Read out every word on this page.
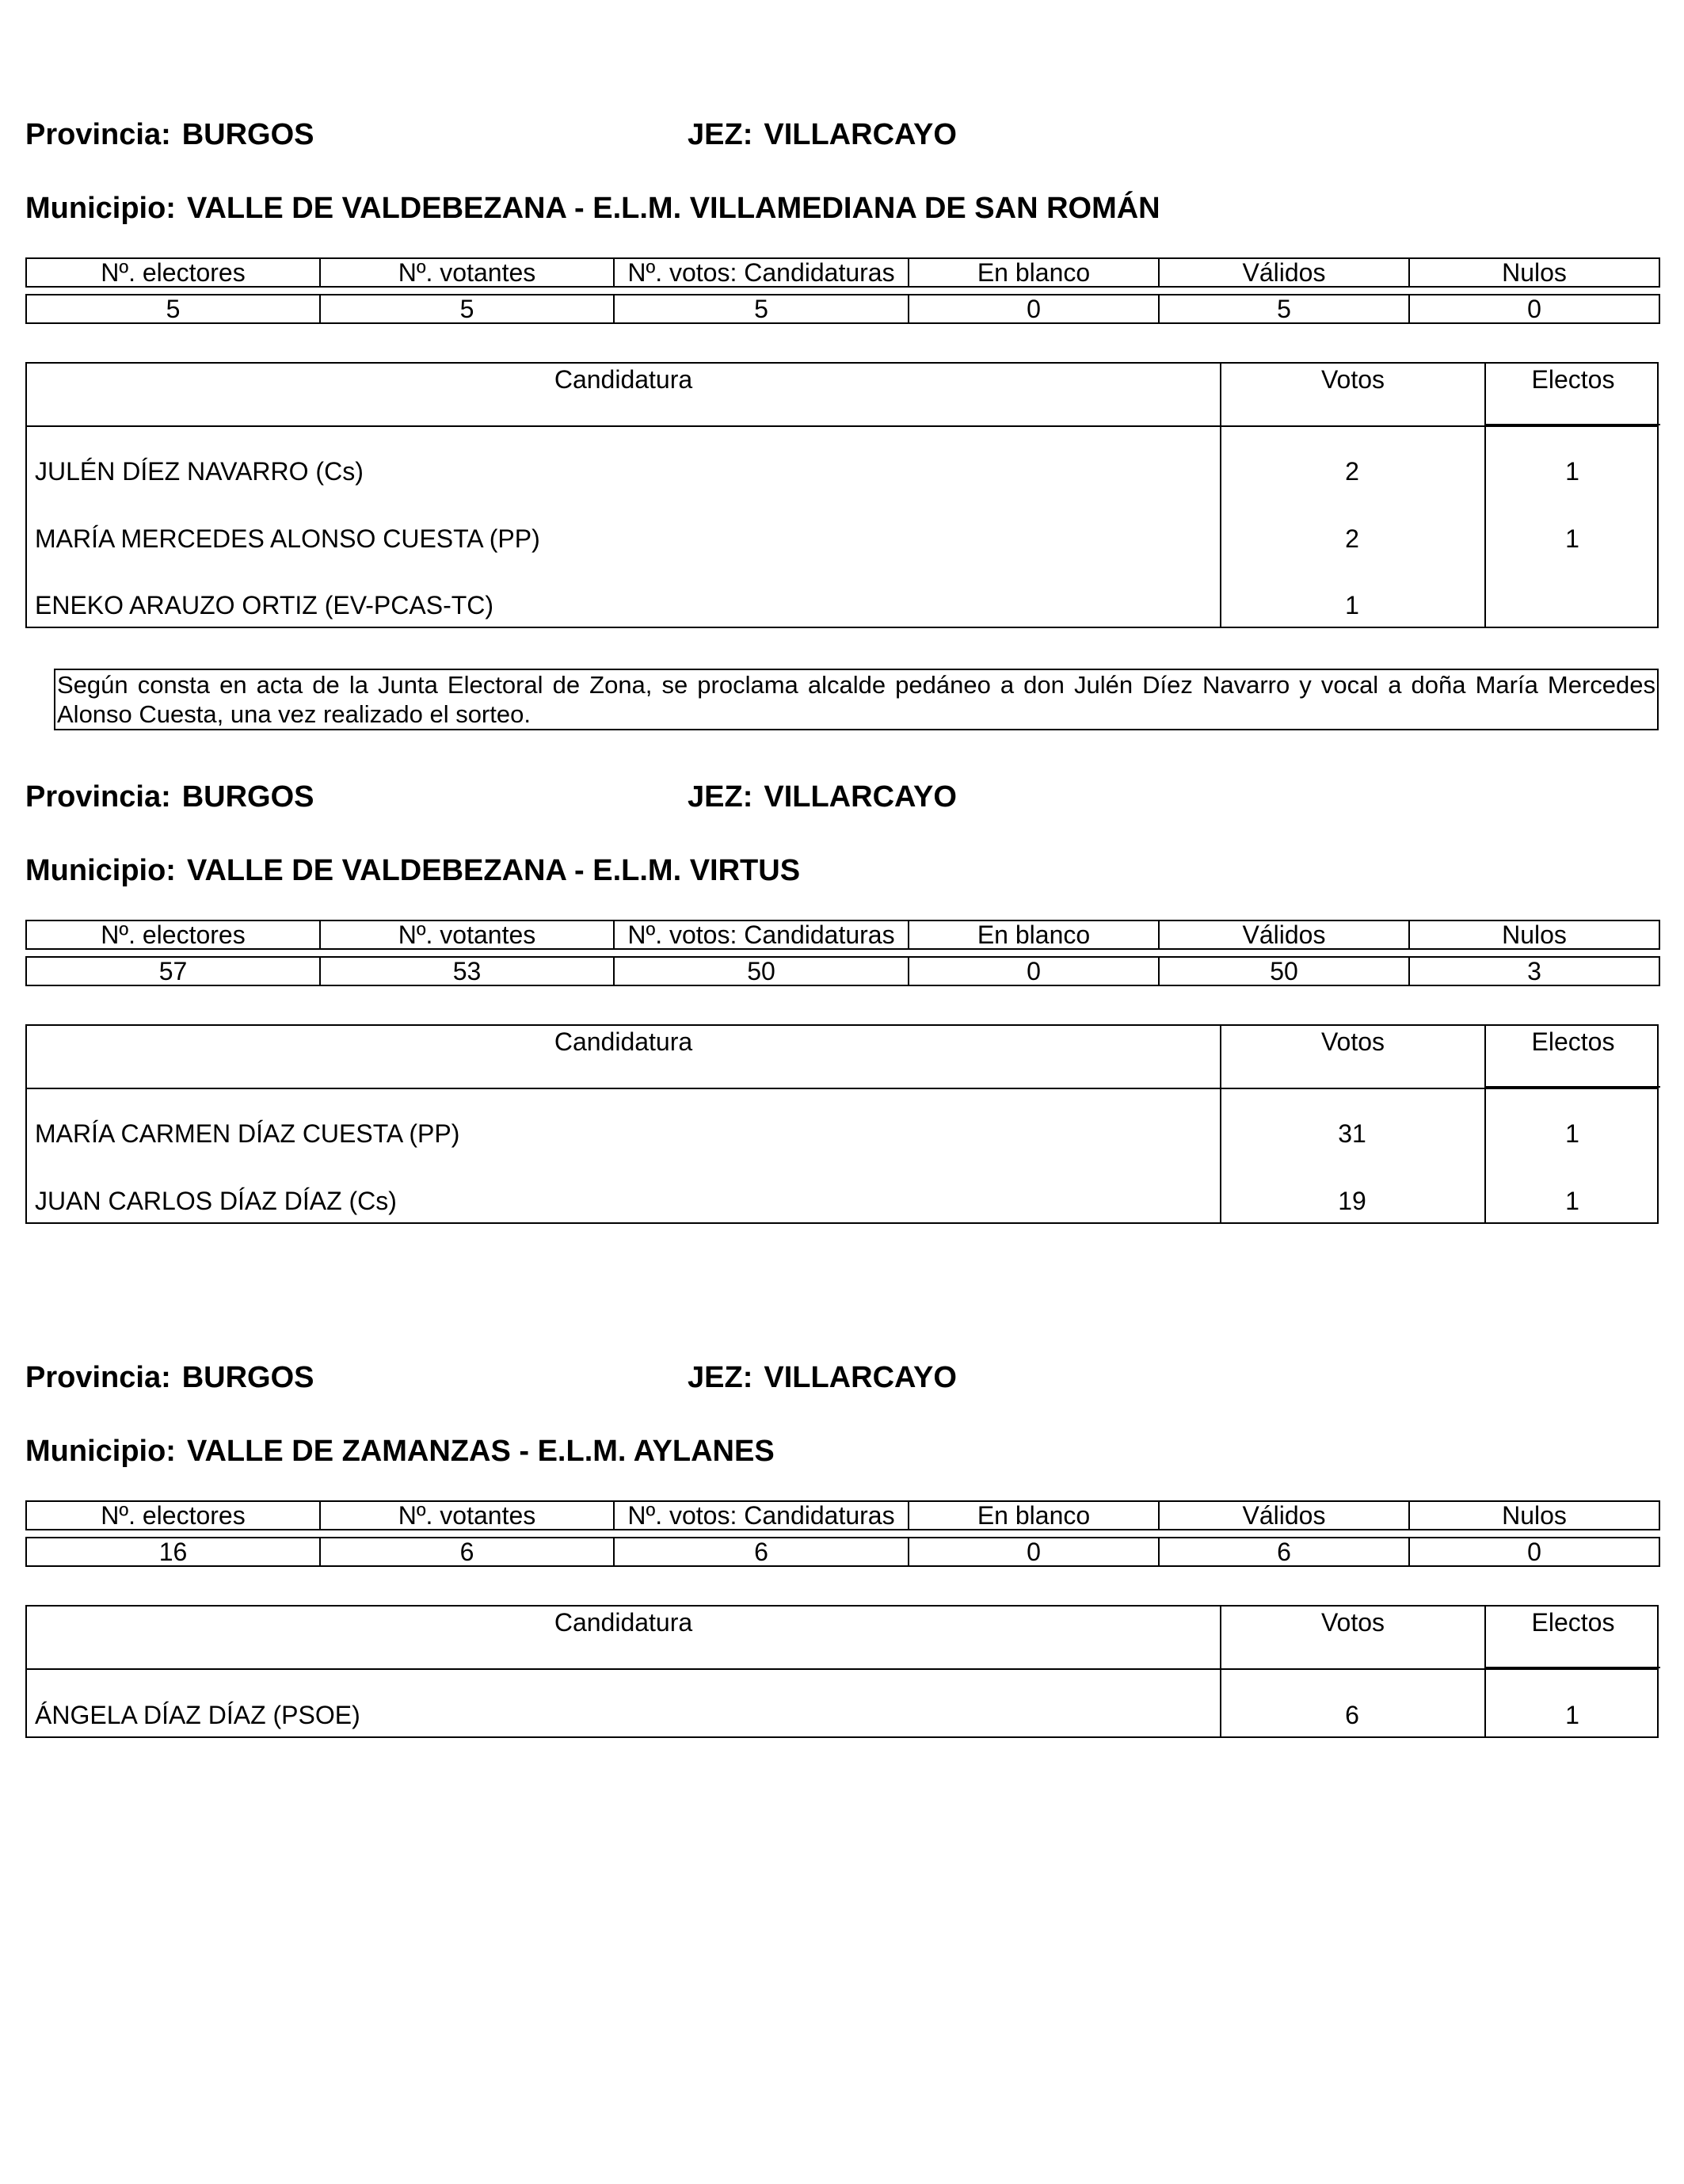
Provincia: BURGOS	JEZ: VILLARCAYO
Municipio: VALLE DE VALDEBEZANA - E.L.M. VILLAMEDIANA DE SAN ROMÁN
Nº. electores	Nº. votantes	Nº. votos: Candidaturas	En blanco	Válidos	Nulos

5	5	5	0	5	0
Candidatura	Votos	Electos
JULÉN DÍEZ NAVARRO (Cs)	2	1
MARÍA MERCEDES ALONSO CUESTA (PP)	2	1
ENEKO ARAUZO ORTIZ (EV-PCAS-TC)	1
Según consta en acta de la Junta Electoral de Zona, se proclama alcalde pedáneo a don Julén Díez Navarro y vocal a doña María Mercedes Alonso Cuesta, una vez realizado el sorteo.
Provincia: BURGOS	JEZ: VILLARCAYO
Municipio: VALLE DE VALDEBEZANA - E.L.M. VIRTUS
Nº. electores	Nº. votantes	Nº. votos: Candidaturas	En blanco	Válidos	Nulos

57	53	50	0	50	3
Candidatura	Votos	Electos
MARÍA CARMEN DÍAZ CUESTA (PP)	31	1
JUAN CARLOS DÍAZ DÍAZ (Cs)	19	1
Provincia: BURGOS	JEZ: VILLARCAYO
Municipio: VALLE DE ZAMANZAS - E.L.M. AYLANES
Nº. electores	Nº. votantes	Nº. votos: Candidaturas	En blanco	Válidos	Nulos

16	6	6	0	6	0
Candidatura	Votos	Electos
ÁNGELA DÍAZ DÍAZ (PSOE)	6	1
